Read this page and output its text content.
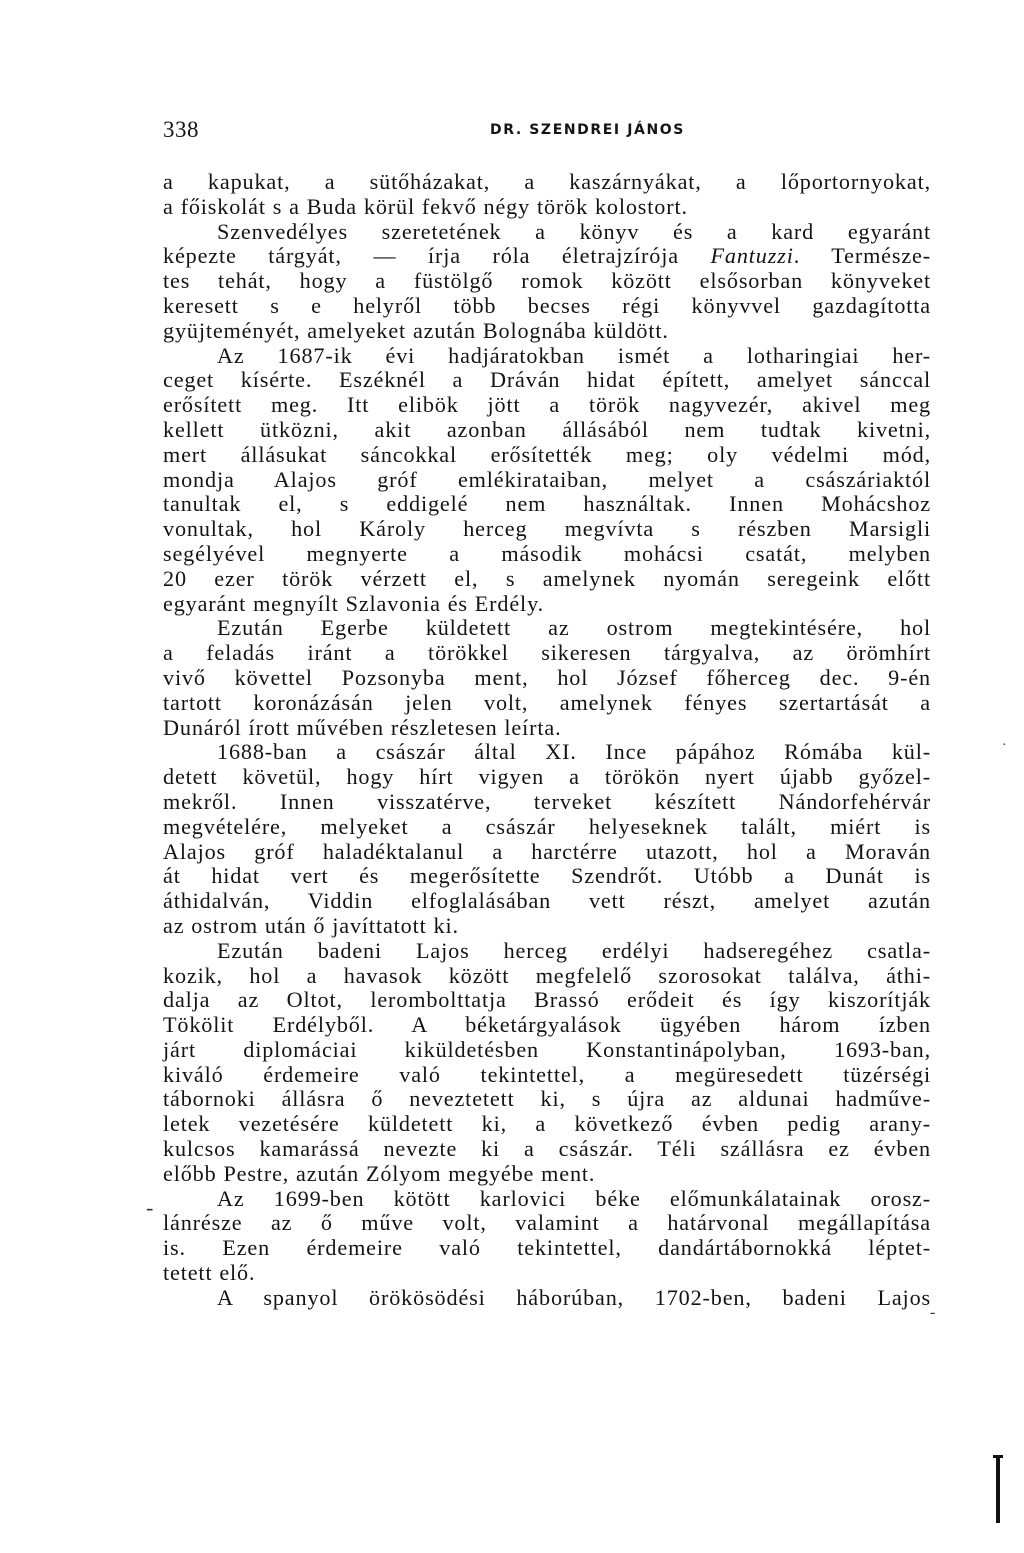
338	DR. SZENDREI JÁNOS
a kapukat, a sütőházakat, a kaszárnyákat, a lőportornyokat,
a főiskolát s a Buda körül fekvő négy török kolostort.
Szenvedélyes szeretetének a könyv és a kard egyaránt
képezte tárgyát, — írja róla életrajzírója Fantuzzi. Természe-
tes tehát, hogy a füstölgő romok között elsősorban könyveket
keresett s e helyről több becses régi könyvvel gazdagította
gyüjteményét, amelyeket azután Bolognába küldött.
Az 1687-ik évi hadjáratokban ismét a lotharingiai her-
ceget kísérte. Eszéknél a Dráván hidat épített, amelyet sánccal
erősített meg. Itt elibök jött a török nagyvezér, akivel meg
kellett ütközni, akit azonban állásából nem tudtak kivetni,
mert állásukat sáncokkal erősítették meg; oly védelmi mód,
mondja Alajos gróf emlékirataiban, melyet a császáriaktól
tanultak el, s eddigelé nem használtak. Innen Mohácshoz
vonultak, hol Károly herceg megvívta s részben Marsigli
segélyével megnyerte a második mohácsi csatát, melyben
20 ezer török vérzett el, s amelynek nyomán seregeink előtt
egyaránt megnyílt Szlavonia és Erdély.
Ezután Egerbe küldetett az ostrom megtekintésére, hol
a feladás iránt a törökkel sikeresen tárgyalva, az örömhírt
vivő követtel Pozsonyba ment, hol József főherceg dec. 9-én
tartott koronázásán jelen volt, amelynek fényes szertartását a
Dunáról írott művében részletesen leírta.
1688-ban a császár által XI. Ince pápához Rómába kül-
detett követül, hogy hírt vigyen a törökön nyert újabb győzel-
mekről. Innen visszatérve, terveket készített Nándorfehérvár
megvételére, melyeket a császár helyeseknek talált, miért is
Alajos gróf haladéktalanul a harctérre utazott, hol a Moraván
át hidat vert és megerősítette Szendrőt. Utóbb a Dunát is
áthidalván, Viddin elfoglalásában vett részt, amelyet azután
az ostrom után ő javíttatott ki.
Ezután badeni Lajos herceg erdélyi hadseregéhez csatla-
kozik, hol a havasok között megfelelő szorosokat találva, áthi-
dalja az Oltot, lerombolttatja Brassó erődeit és így kiszorítják
Tökölit Erdélyből. A béketárgyalások ügyében három ízben
járt diplomáciai kiküldetésben Konstantinápolyban, 1693-ban,
kiváló érdemeire való tekintettel, a megüresedett tüzérségi
tábornoki állásra ő neveztetett ki, s újra az aldunai hadműve-
letek vezetésére küldetett ki, a következő évben pedig arany-
kulcsos kamarássá nevezte ki a császár. Téli szállásra ez évben
előbb Pestre, azután Zólyom megyébe ment.
Az 1699-ben kötött karlovici béke előmunkálatainak orosz-
lánrésze az ő műve volt, valamint a határvonal megállapítása
is. Ezen érdemeire való tekintettel, dandártábornokká léptet-
tetett elő.
A spanyol örökösödési háborúban, 1702-ben, badeni Lajos
·
-
-
